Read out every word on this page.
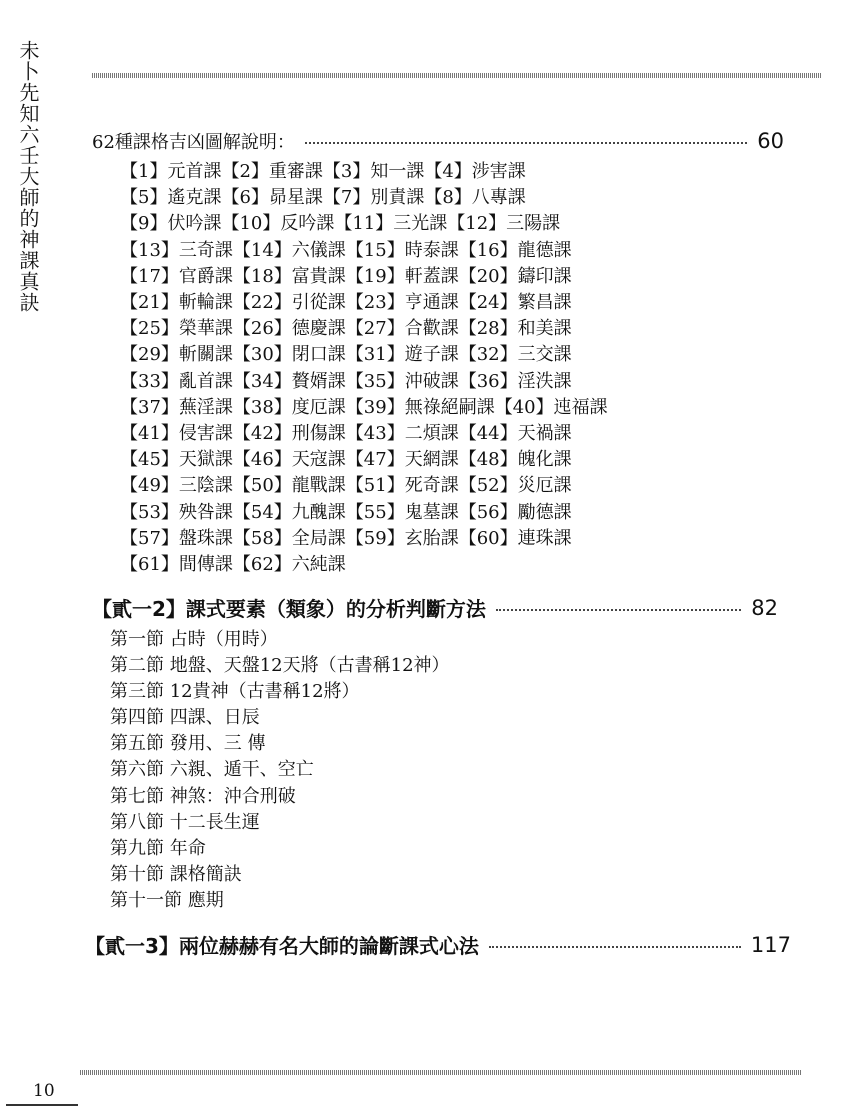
未卜先知六壬大師的神課真訣	62種課格吉凶圖解說明：	60
【1】元首課【2】重審課【3】知一課【4】涉害課
【5】遙克課【6】昴星課【7】別責課【8】八專課
【9】伏吟課【10】反吟課【11】三光課【12】三陽課
【13】三奇課【14】六儀課【15】時泰課【16】龍德課
【17】官爵課【18】富貴課【19】軒蓋課【20】鑄印課
【21】斬輪課【22】引從課【23】亨通課【24】繁昌課
【25】榮華課【26】德慶課【27】合歡課【28】和美課
【29】斬關課【30】閉口課【31】遊子課【32】三交課
【33】亂首課【34】贅婿課【35】沖破課【36】淫泆課
【37】蕪淫課【38】度厄課【39】無祿絕嗣課【40】迍福課
【41】侵害課【42】刑傷課【43】二煩課【44】天禍課
【45】天獄課【46】天寇課【47】天網課【48】魄化課
【49】三陰課【50】龍戰課【51】死奇課【52】災厄課
【53】殃咎課【54】九醜課【55】鬼墓課【56】勵德課
【57】盤珠課【58】全局課【59】玄胎課【60】連珠課
【61】間傳課【62】六純課
【貳一2】課式要素（類象）的分析判斷方法	82
第一節 占時（用時）
第二節 地盤、天盤12天將（古書稱12神）
第三節 12貴神（古書稱12將）
第四節 四課、日辰
第五節 發用、三 傳
第六節 六親、遁干、空亡
第七節 神煞：沖合刑破
第八節 十二長生運
第九節 年命
第十節 課格簡訣
第十一節 應期
【貳一3】兩位赫赫有名大師的論斷課式心法	117
10
